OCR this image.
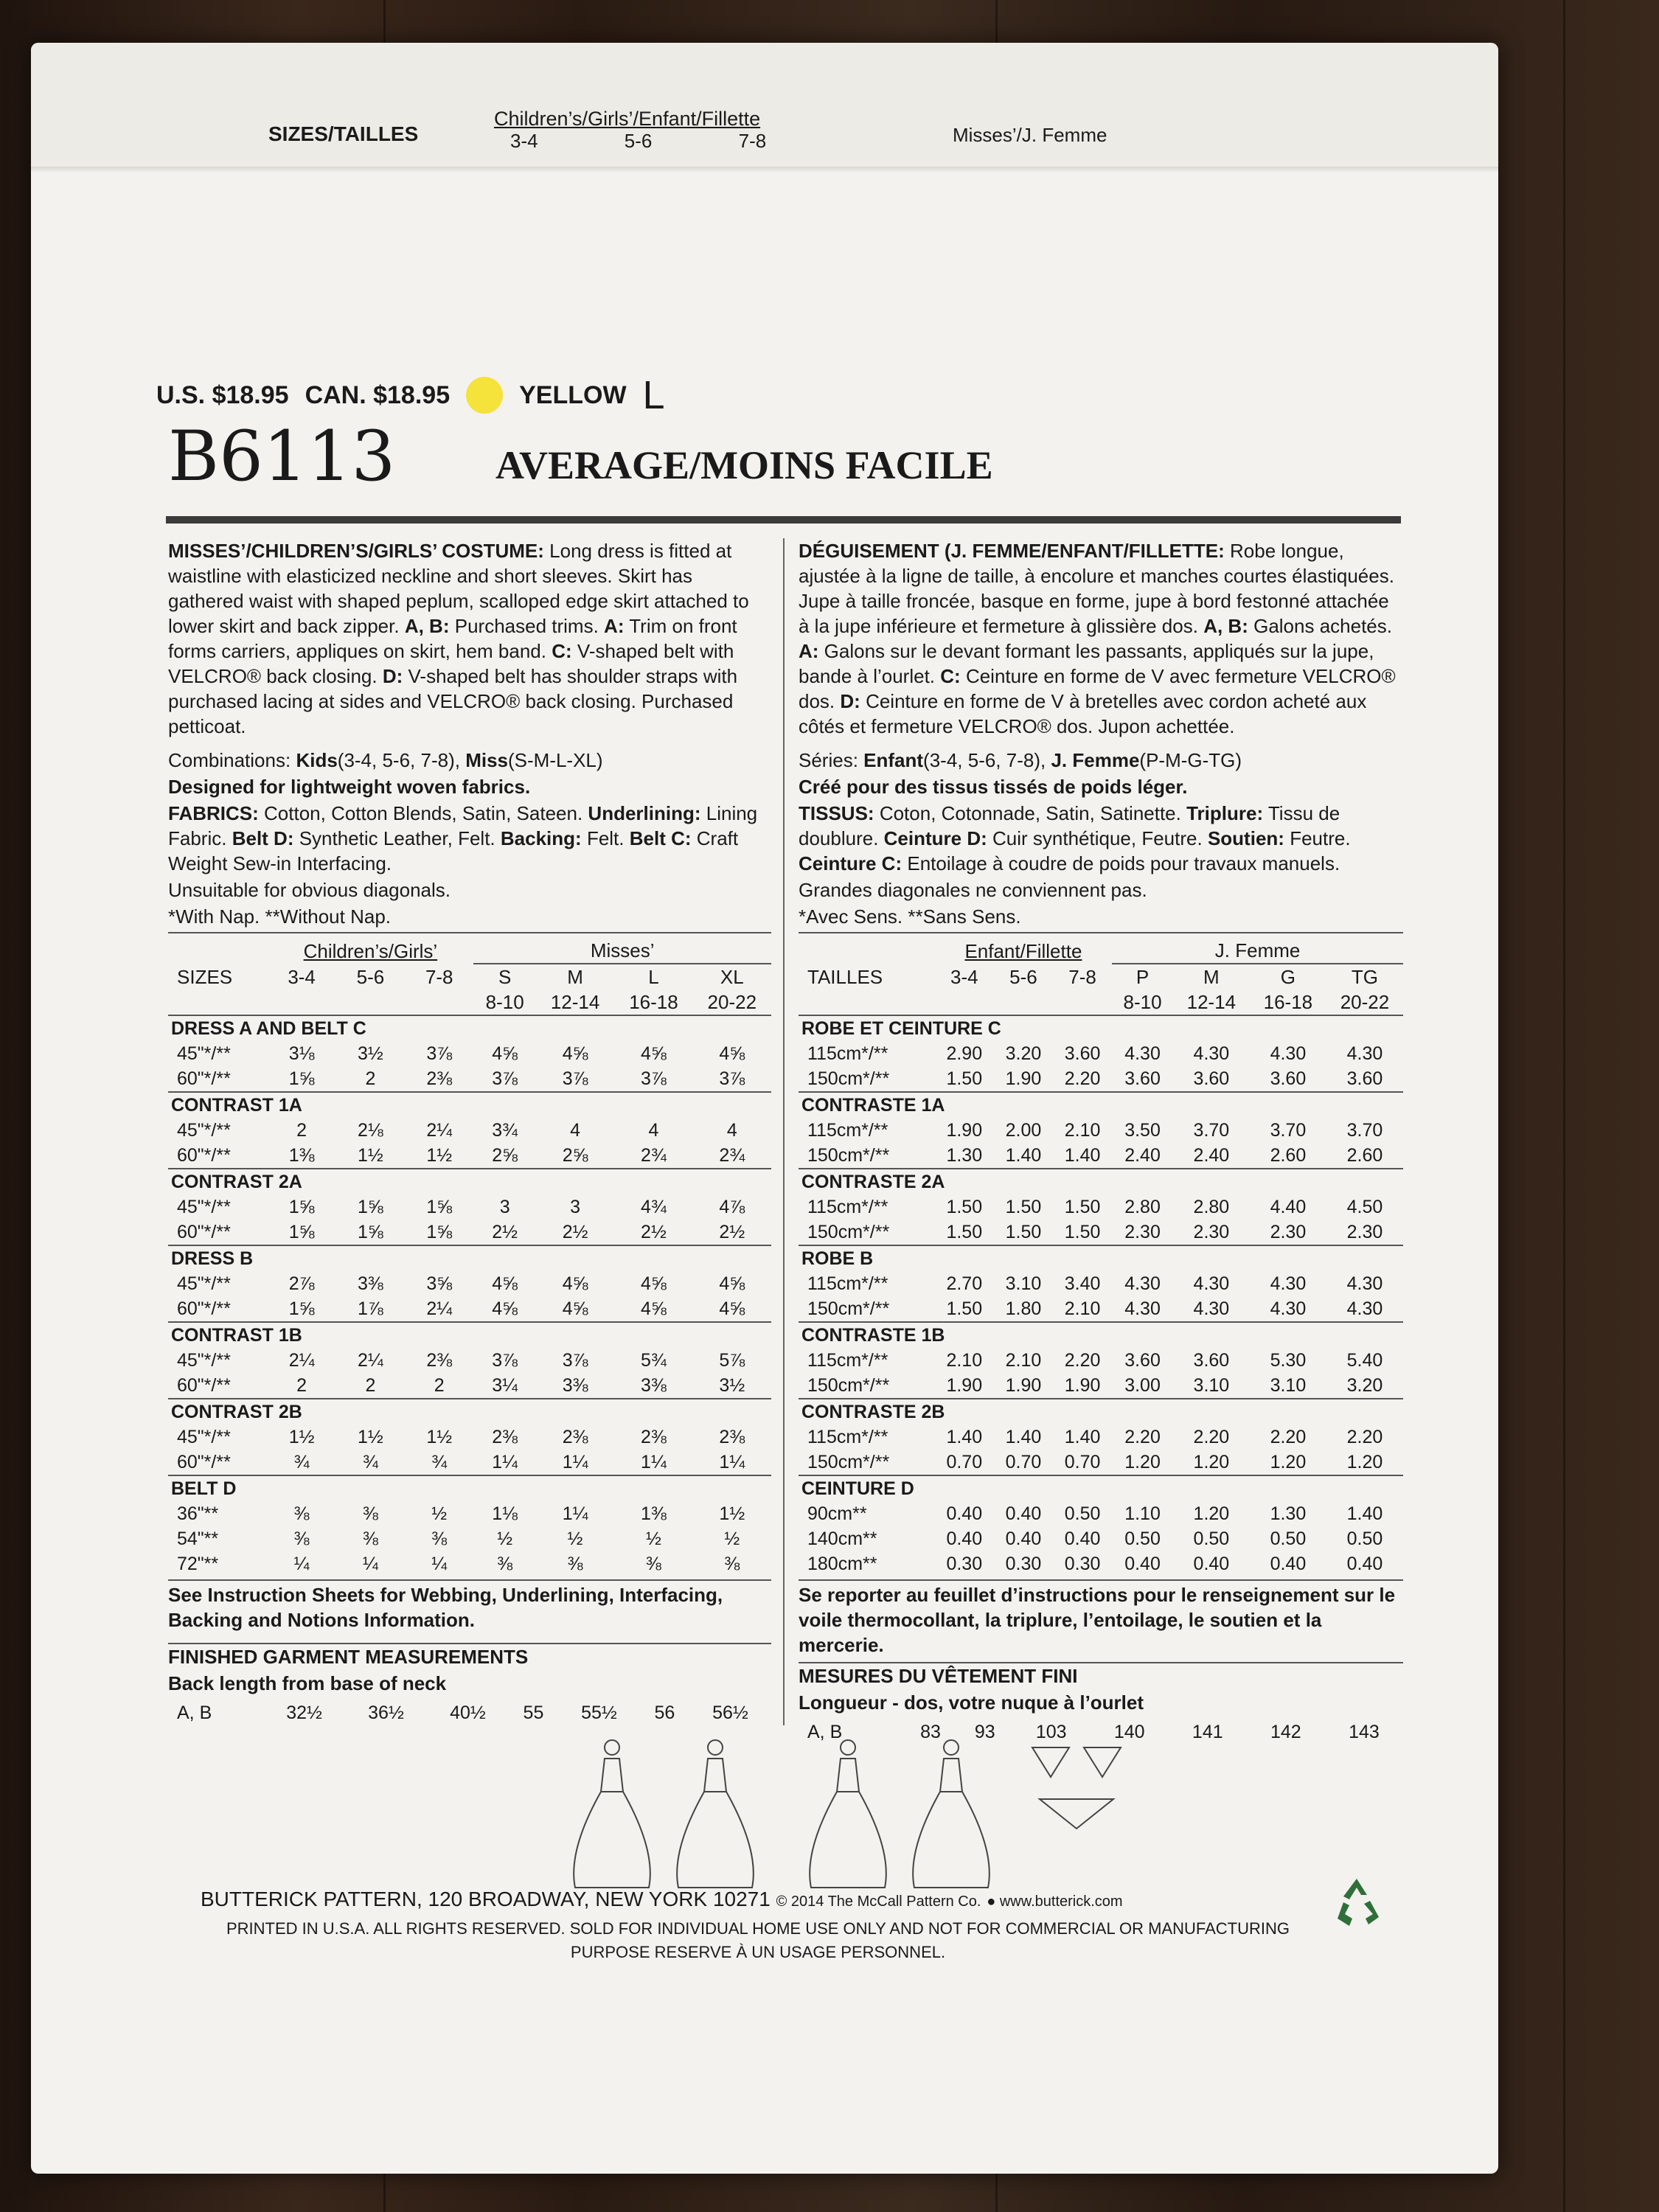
SIZES/TAILLES
Children’s/Girls’/Enfant/Fillette
3-4 5-6 7-8	Misses’/J. Femme
U.S. $18.95 CAN. $18.95	YELLOW L
B6113	AVERAGE/MOINS FACILE

MISSES’/CHILDREN’S/GIRLS’ COSTUME: Long dress is fitted at waistline with elasticized neckline and short sleeves. Skirt has gathered waist with shaped peplum, scalloped edge skirt attached to lower skirt and back zipper. A, B: Purchased trims. A: Trim on front forms carriers, appliques on skirt, hem band. C: V-shaped belt with VELCRO® back closing. D: V-shaped belt has shoulder straps with purchased lacing at sides and VELCRO® back closing. Purchased petticoat.

Combinations: Kids(3-4, 5-6, 7-8), Miss(S-M-L-XL)

Designed for lightweight woven fabrics.

FABRICS: Cotton, Cotton Blends, Satin, Sateen. Underlining: Lining Fabric. Belt D: Synthetic Leather, Felt. Backing: Felt. Belt C: Craft Weight Sew-in Interfacing.

Unsuitable for obvious diagonals.

*With Nap. **Without Nap.

	Children’s/Girls’			Misses’			
SIZES	3-4	5-6	7-8	S	M	L	XL
				8-10	12-14	16-18	20-22
DRESS A AND BELT C							
45"*/**	3⅛	3½	3⅞	4⅝	4⅝	4⅝	4⅝
60"*/**	1⅝	2	2⅜	3⅞	3⅞	3⅞	3⅞
CONTRAST 1A							
45"*/**	2	2⅛	2¼	3¾	4	4	4
60"*/**	1⅜	1½	1½	2⅝	2⅝	2¾	2¾
CONTRAST 2A							
45"*/**	1⅝	1⅝	1⅝	3	3	4¾	4⅞
60"*/**	1⅝	1⅝	1⅝	2½	2½	2½	2½
DRESS B							
45"*/**	2⅞	3⅜	3⅝	4⅝	4⅝	4⅝	4⅝
60"*/**	1⅝	1⅞	2¼	4⅝	4⅝	4⅝	4⅝
CONTRAST 1B							
45"*/**	2¼	2¼	2⅜	3⅞	3⅞	5¾	5⅞
60"*/**	2	2	2	3¼	3⅜	3⅜	3½
CONTRAST 2B							
45"*/**	1½	1½	1½	2⅜	2⅜	2⅜	2⅜
60"*/**	¾	¾	¾	1¼	1¼	1¼	1¼
BELT D							
36"**	⅜	⅜	½	1⅛	1¼	1⅜	1½
54"**	⅜	⅜	⅜	½	½	½	½
72"**	¼	¼	¼	⅜	⅜	⅜	⅜

See Instruction Sheets for Webbing, Underlining, Interfacing, Backing and Notions Information.

FINISHED GARMENT MEASUREMENTS

Back length from base of neck

A, B	32½	36½	40½	55	55½	56	56½

DÉGUISEMENT (J. FEMME/ENFANT/FILLETTE: Robe longue, ajustée à la ligne de taille, à encolure et manches courtes élastiquées. Jupe à taille froncée, basque en forme, jupe à bord festonné attachée à la jupe inférieure et fermeture à glissière dos. A, B: Galons achetés. A: Galons sur le devant formant les passants, appliqués sur la jupe, bande à l’ourlet. C: Ceinture en forme de V avec fermeture VELCRO® dos. D: Ceinture en forme de V à bretelles avec cordon acheté aux côtés et fermeture VELCRO® dos. Jupon achettée.

Séries: Enfant(3-4, 5-6, 7-8), J. Femme(P-M-G-TG)

Créé pour des tissus tissés de poids léger.

TISSUS: Coton, Cotonnade, Satin, Satinette. Triplure: Tissu de doublure. Ceinture D: Cuir synthétique, Feutre. Soutien: Feutre. Ceinture C: Entoilage à coudre de poids pour travaux manuels.

Grandes diagonales ne conviennent pas.

*Avec Sens. **Sans Sens.

	Enfant/Fillette			J. Femme			
TAILLES	3-4	5-6	7-8	P	M	G	TG
				8-10	12-14	16-18	20-22
ROBE ET CEINTURE C							
115cm*/**	2.90	3.20	3.60	4.30	4.30	4.30	4.30
150cm*/**	1.50	1.90	2.20	3.60	3.60	3.60	3.60
CONTRASTE 1A							
115cm*/**	1.90	2.00	2.10	3.50	3.70	3.70	3.70
150cm*/**	1.30	1.40	1.40	2.40	2.40	2.60	2.60
CONTRASTE 2A							
115cm*/**	1.50	1.50	1.50	2.80	2.80	4.40	4.50
150cm*/**	1.50	1.50	1.50	2.30	2.30	2.30	2.30
ROBE B							
115cm*/**	2.70	3.10	3.40	4.30	4.30	4.30	4.30
150cm*/**	1.50	1.80	2.10	4.30	4.30	4.30	4.30
CONTRASTE 1B							
115cm*/**	2.10	2.10	2.20	3.60	3.60	5.30	5.40
150cm*/**	1.90	1.90	1.90	3.00	3.10	3.10	3.20
CONTRASTE 2B							
115cm*/**	1.40	1.40	1.40	2.20	2.20	2.20	2.20
150cm*/**	0.70	0.70	0.70	1.20	1.20	1.20	1.20
CEINTURE D							
90cm**	0.40	0.40	0.50	1.10	1.20	1.30	1.40
140cm**	0.40	0.40	0.40	0.50	0.50	0.50	0.50
180cm**	0.30	0.30	0.30	0.40	0.40	0.40	0.40

Se reporter au feuillet d’instructions pour le renseignement sur le voile thermocollant, la triplure, l’entoilage, le soutien et la mercerie.

MESURES DU VÊTEMENT FINI

Longueur - dos, votre nuque à l’ourlet

A, B	83	93	103	140	141	142	143
BUTTERICK PATTERN, 120 BROADWAY, NEW YORK 10271 © 2014 The McCall Pattern Co. ● www.butterick.com
PRINTED IN U.S.A. ALL RIGHTS RESERVED. SOLD FOR INDIVIDUAL HOME USE ONLY AND NOT FOR COMMERCIAL OR MANUFACTURING PURPOSE RESERVE À UN USAGE PERSONNEL.
